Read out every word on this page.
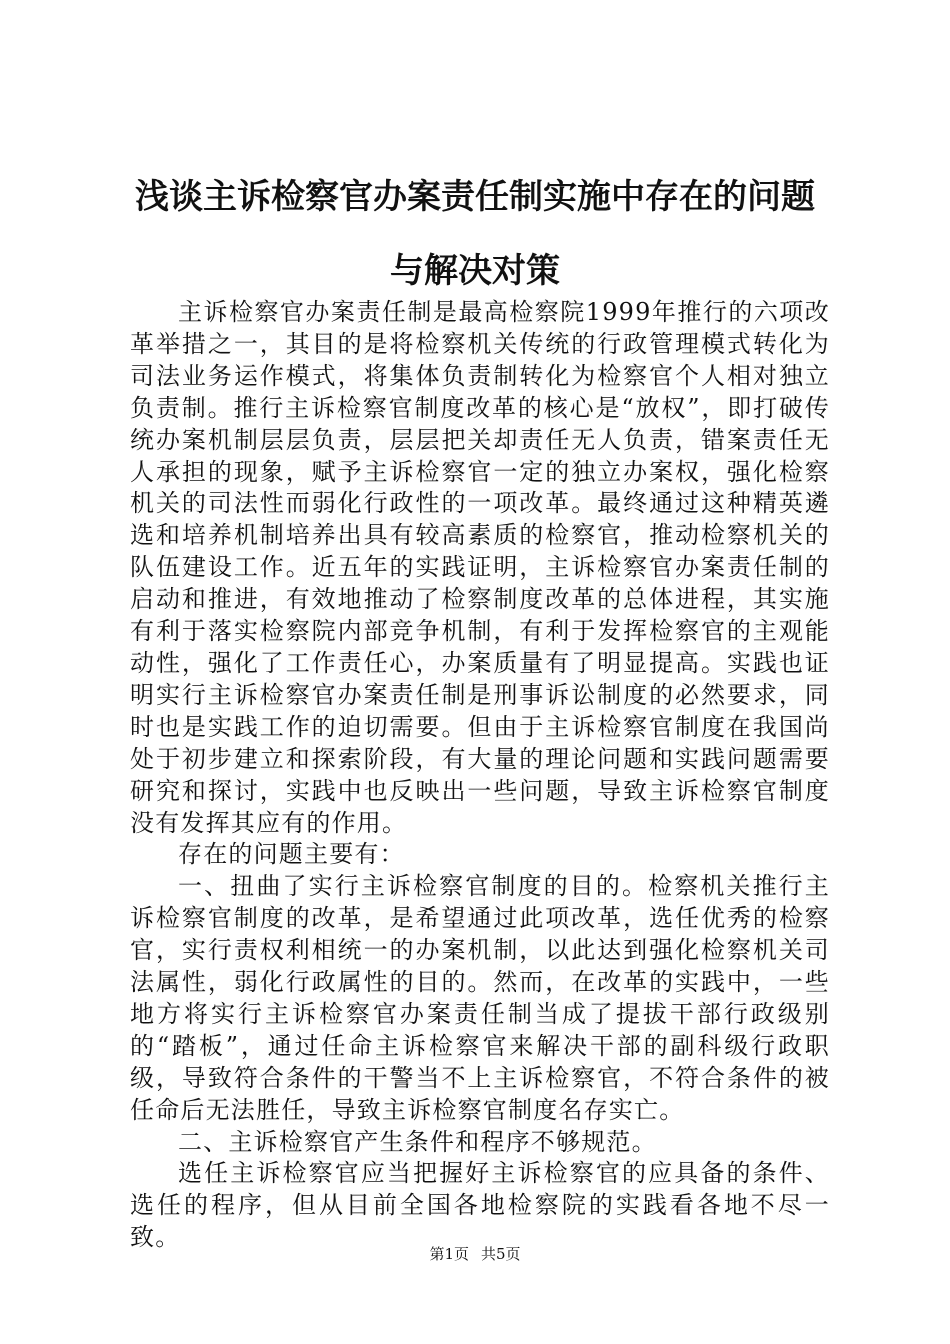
浅谈主诉检察官办案责任制实施中存在的问题
与解决对策

主诉检察官办案责任制是最高检察院1999年推行的六项改革举措之一，其目的是将检察机关传统的行政管理模式转化为司法业务运作模式，将集体负责制转化为检察官个人相对独立负责制。推行主诉检察官制度改革的核心是“放权”，即打破传统办案机制层层负责，层层把关却责任无人负责，错案责任无人承担的现象，赋予主诉检察官一定的独立办案权，强化检察机关的司法性而弱化行政性的一项改革。最终通过这种精英遴选和培养机制培养出具有较高素质的检察官，推动检察机关的队伍建设工作。近五年的实践证明，主诉检察官办案责任制的启动和推进，有效地推动了检察制度改革的总体进程，其实施有利于落实检察院内部竞争机制，有利于发挥检察官的主观能动性，强化了工作责任心，办案质量有了明显提高。实践也证明实行主诉检察官办案责任制是刑事诉讼制度的必然要求，同时也是实践工作的迫切需要。但由于主诉检察官制度在我国尚处于初步建立和探索阶段，有大量的理论问题和实践问题需要研究和探讨，实践中也反映出一些问题，导致主诉检察官制度没有发挥其应有的作用。

存在的问题主要有：

一、扭曲了实行主诉检察官制度的目的。检察机关推行主诉检察官制度的改革，是希望通过此项改革，选任优秀的检察官，实行责权利相统一的办案机制，以此达到强化检察机关司法属性，弱化行政属性的目的。然而，在改革的实践中，一些地方将实行主诉检察官办案责任制当成了提拔干部行政级别的“踏板”，通过任命主诉检察官来解决干部的副科级行政职级，导致符合条件的干警当不上主诉检察官，不符合条件的被任命后无法胜任，导致主诉检察官制度名存实亡。

二、主诉检察官产生条件和程序不够规范。

选任主诉检察官应当把握好主诉检察官的应具备的条件、选任的程序，但从目前全国各地检察院的实践看各地不尽一致。

第1页 共5页
